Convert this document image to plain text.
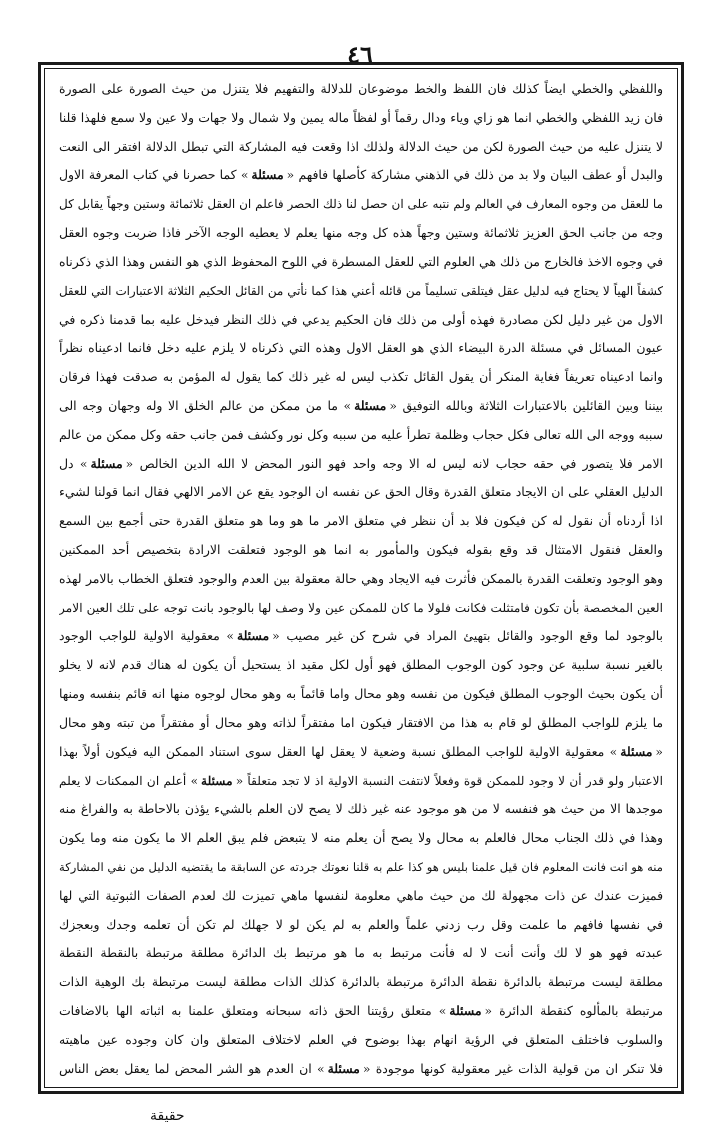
٤٦
واللفظي والخطي ايضاً كذلك فان اللفظ والخط موضوعان للدلالة والتفهيم فلا يتنزل من حيث الصورة على الصورة
فان زيد اللفظي والخطي انما هو زاي وياء ودال رقماً أو لفظاً ماله يمين ولا شمال ولا جهات ولا عين ولا سمع فلهذا قلنا
لا يتنزل عليه من حيث الصورة لكن من حيث الدلالة ولذلك اذا وقعت فيه المشاركة التي تبطل الدلالة افتقر الى النعت
والبدل أو عطف البيان ولا بد من ذلك في الذهني مشاركة كأصلها فافهم «مسئلة» كما حصرنا في كتاب المعرفة الاول
ما للعقل من وجوه المعارف في العالم ولم نتبه على ان حصل لنا ذلك الحصر فاعلم ان العقل ثلاثمائة وستين وجهاً يقابل كل
وجه من جانب الحق العزيز ثلاثمائة وستين وجهاً هذه كل وجه منها يعلم لا يعطيه الوجه الآخر فاذا ضربت وجوه العقل
في وجوه الاخذ فالخارج من ذلك هي العلوم التي للعقل المسطرة في اللوح المحفوظ الذي هو النفس وهذا الذي ذكرناه
كشفاً الهياً لا يحتاج فيه لدليل عقل فيتلقى تسليماً من قائله أعني هذا كما نأتي من القائل الحكيم الثلاثة الاعتبارات التي للعقل
الاول من غير دليل لكن مصادرة فهذه أولى من ذلك فان الحكيم يدعي في ذلك النظر فيدخل عليه بما قدمنا ذكره في
عيون المسائل في مسئلة الدرة البيضاء الذي هو العقل الاول وهذه التي ذكرناه لا يلزم عليه دخل فانما ادعيناه نظراً
وانما ادعيناه تعريفاً فغاية المنكر أن يقول القائل تكذب ليس له غير ذلك كما يقول له المؤمن به صدقت فهذا فرقان
بيننا وبين القائلين بالاعتبارات الثلاثة وبالله التوفيق «مسئلة» ما من ممكن من عالم الخلق الا وله وجهان وجه الى
سببه ووجه الى الله تعالى فكل حجاب وظلمة تطرأ عليه من سببه وكل نور وكشف فمن جانب حقه وكل ممكن من عالم
الامر فلا يتصور في حقه حجاب لانه ليس له الا وجه واحد فهو النور المحض لا الله الدين الخالص «مسئلة» دل
الدليل العقلي على ان الايجاد متعلق القدرة وقال الحق عن نفسه ان الوجود يقع عن الامر الالهي فقال انما قولنا لشيء
اذا أردناه أن نقول له كن فيكون فلا بد أن ننظر في متعلق الامر ما هو وما هو متعلق القدرة حتى أجمع بين السمع
والعقل فنقول الامتثال قد وقع بقوله فيكون والمأمور به انما هو الوجود فتعلقت الارادة بتخصيص أحد الممكنين
وهو الوجود وتعلقت القدرة بالممكن فأثرت فيه الايجاد وهي حالة معقولة بين العدم والوجود فتعلق الخطاب بالامر لهذه
العين المخصصة بأن تكون فامتثلت فكانت فلولا ما كان للممكن عين ولا وصف لها بالوجود بانت توجه على تلك العين الامر
بالوجود لما وقع الوجود والقائل بتهيئ المراد في شرح كن غير مصيب «مسئلة» معقولية الاولية للواجب الوجود
بالغير نسبة سلبية عن وجود كون الوجوب المطلق فهو أول لكل مقيد اذ يستحيل أن يكون له هناك قدم لانه لا يخلو
أن يكون بحيث الوجوب المطلق فيكون من نفسه وهو محال واما قائماً به وهو محال لوجوه منها انه قائم بنفسه ومنها
ما يلزم للواجب المطلق لو قام به هذا من الافتقار فيكون اما مفتقراً لذاته وهو محال أو مفتقراً من تبته وهو محال
«مسئلة» معقولية الاولية للواجب المطلق نسبة وضعية لا يعقل لها العقل سوى استناد الممكن اليه فيكون أولاً بهذا
الاعتبار ولو قدر أن لا وجود للممكن قوة وفعلاً لانتفت النسبة الاولية اذ لا تجد متعلقاً «مسئلة» أعلم ان الممكنات لا يعلم
موجدها الا من حيث هو فنفسه لا من هو موجود عنه غير ذلك لا يصح لان العلم بالشيء يؤذن بالاحاطة به والفراغ منه
وهذا في ذلك الجناب محال فالعلم به محال ولا يصح أن يعلم منه لا يتبعض فلم يبق العلم الا ما يكون منه وما يكون
منه هو انت فانت المعلوم فان قيل علمنا بليس هو كذا علم به قلنا نعوتك جردته عن السابقة ما يقتضيه الدليل من نفي المشاركة
فميزت عندك عن ذات مجهولة لك من حيث ماهي معلومة لنفسها ماهي تميزت لك لعدم الصفات الثبوتية التي لها
في نفسها فافهم ما علمت وقل رب زدني علماً والعلم به لم يكن لو لا جهلك لم تكن أن تعلمه وجدك وبعجزك
عبدته فهو هو لا لك وأنت أنت لا له فأنت مرتبط به ما هو مرتبط بك الدائرة مطلقة مرتبطة بالنقطة النقطة
مطلقة ليست مرتبطة بالدائرة نقطة الدائرة مرتبطة بالدائرة كذلك الذات مطلقة ليست مرتبطة بك الوهية الذات
مرتبطة بالمألوه كنقطة الدائرة «مسئلة» متعلق رؤيتنا الحق ذاته سبحانه ومتعلق علمنا به اثباته الها بالاضافات
والسلوب فاختلف المتعلق في الرؤية انهام بهذا بوضوح في العلم لاختلاف المتعلق وان كان وجوده عين ماهيته
فلا تنكر ان من قولية الذات غير معقولية كونها موجودة «مسئلة» ان العدم هو الشر المحض لما يعقل بعض الناس
حقيقة
